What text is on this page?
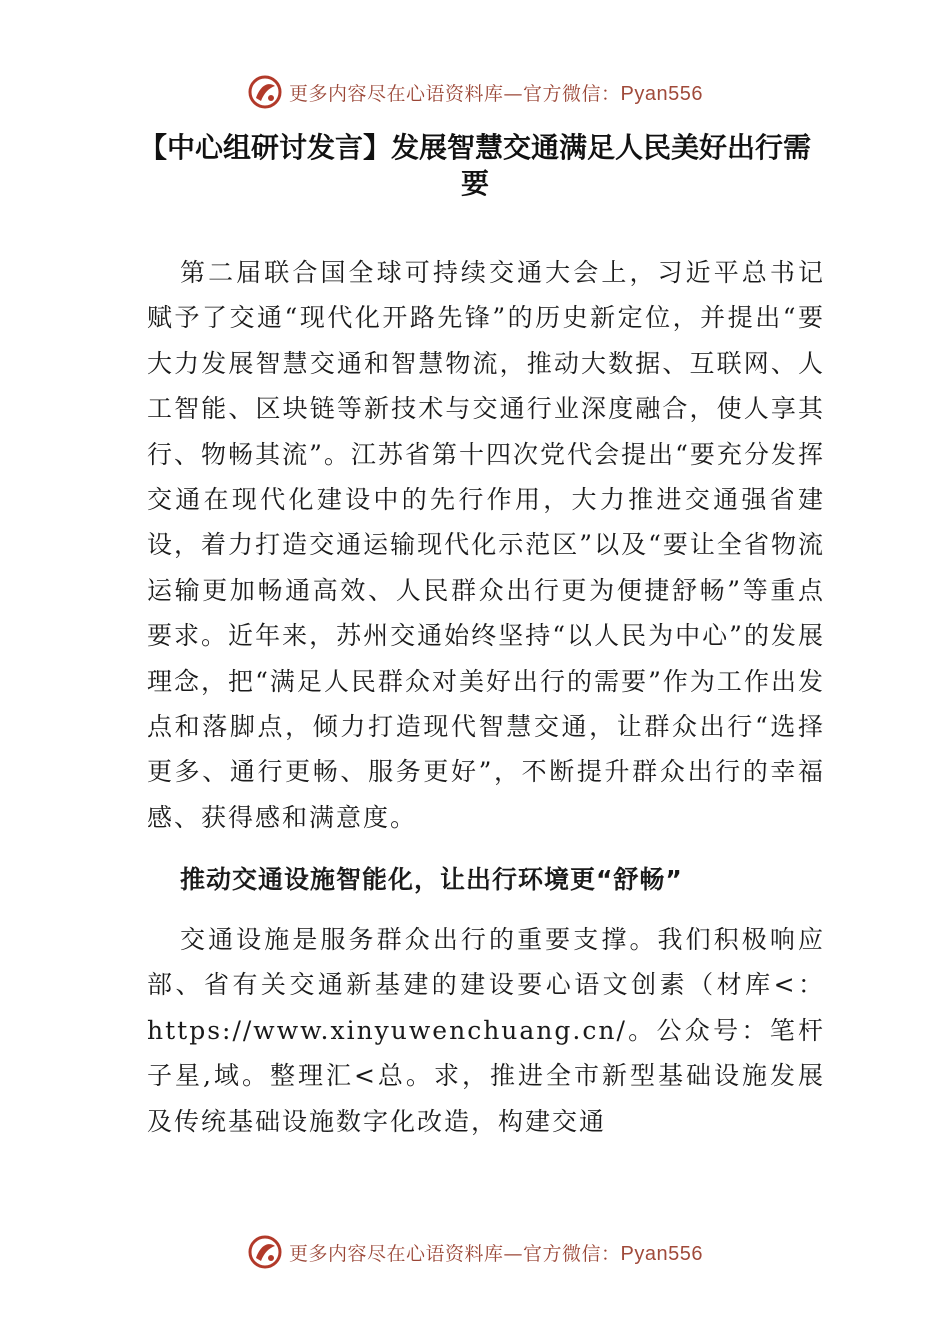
更多内容尽在心语资料库—官方微信：Pyan556
【中心组研讨发言】发展智慧交通满足人民美好出行需要

第二届联合国全球可持续交通大会上，习近平总书记赋予了交通“现代化开路先锋”的历史新定位，并提出“要大力发展智慧交通和智慧物流，推动大数据、互联网、人工智能、区块链等新技术与交通行业深度融合，使人享其行、物畅其流”。江苏省第十四次党代会提出“要充分发挥交通在现代化建设中的先行作用，大力推进交通强省建设，着力打造交通运输现代化示范区”以及“要让全省物流运输更加畅通高效、人民群众出行更为便捷舒畅”等重点要求。近年来，苏州交通始终坚持“以人民为中心”的发展理念，把“满足人民群众对美好出行的需要”作为工作出发点和落脚点，倾力打造现代智慧交通，让群众出行“选择更多、通行更畅、服务更好”，不断提升群众出行的幸福感、获得感和满意度。

推动交通设施智能化，让出行环境更“舒畅”

交通设施是服务群众出行的重要支撑。我们积极响应部、省有关交通新基建的建设要心语文创素（材库<：https://www.xinyuwenchuang.cn/。公众号：笔杆子星,域。整理汇<总。求，推进全市新型基础设施发展及传统基础设施数字化改造，构建交通

更多内容尽在心语资料库—官方微信：Pyan556
